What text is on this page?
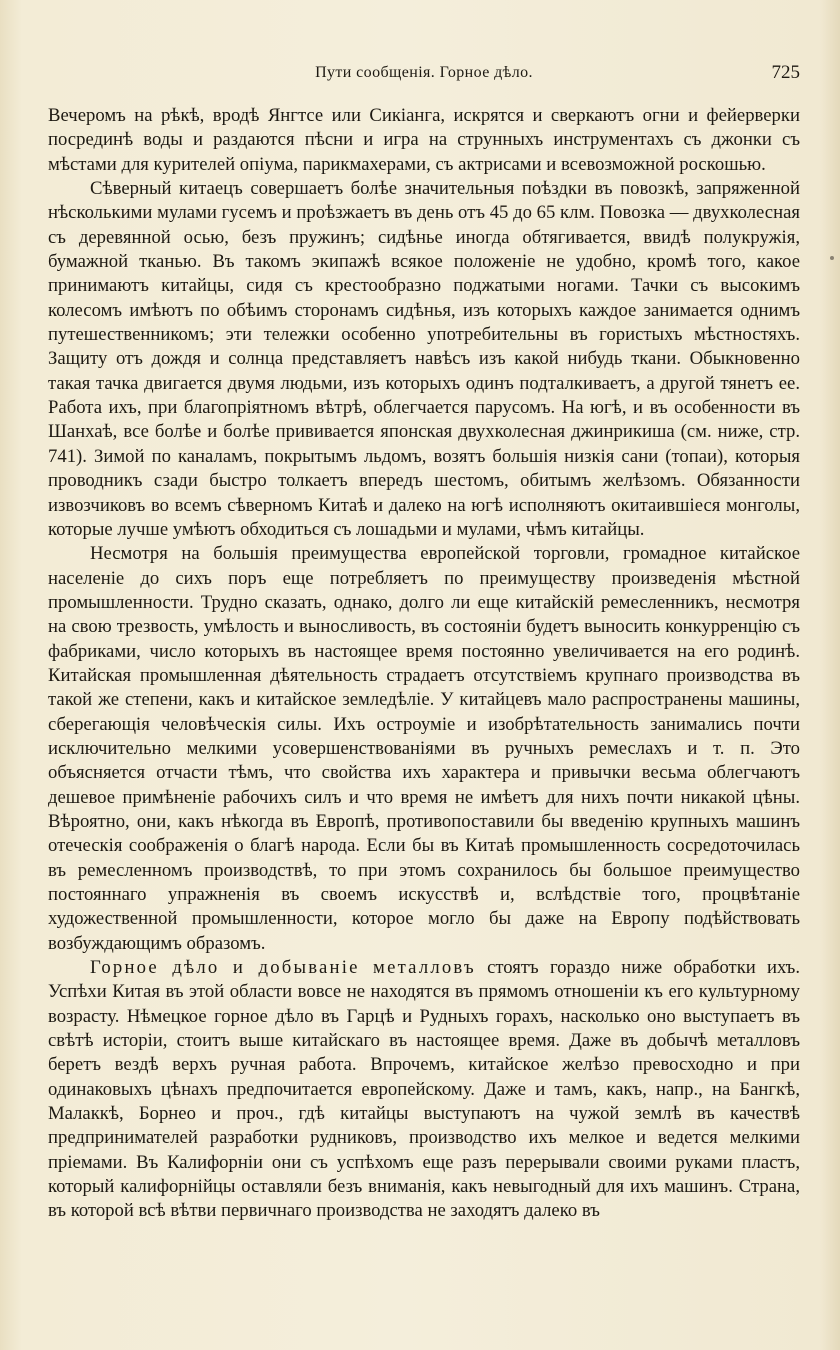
Пути сообщенія. Горное дѣло.	725

Вечеромъ на рѣкѣ, вродѣ Янгтсе или Сикіанга, искрятся и сверкаютъ огни и фейерверки посрединѣ воды и раздаются пѣсни и игра на струнныхъ инструментахъ съ джонки съ мѣстами для курителей опіума, парикмахерами, съ актрисами и всевозможной роскошью.

Сѣверный китаецъ совершаетъ болѣе значительныя поѣздки въ повозкѣ, запряженной нѣсколькими мулами гусемъ и проѣзжаетъ въ день отъ 45 до 65 клм. Повозка — двухколесная съ деревянной осью, безъ пружинъ; сидѣнье иногда обтягивается, ввидѣ полукружія, бумажной тканью. Въ такомъ экипажѣ всякое положеніе не удобно, кромѣ того, какое принимаютъ китайцы, сидя съ крестообразно поджатыми ногами. Тачки съ высокимъ колесомъ имѣютъ по обѣимъ сторонамъ сидѣнья, изъ которыхъ каждое занимается однимъ путешественникомъ; эти тележки особенно употребительны въ гористыхъ мѣстностяхъ. Защиту отъ дождя и солнца представляетъ навѣсъ изъ какой нибудь ткани. Обыкновенно такая тачка двигается двумя людьми, изъ которыхъ одинъ подталкиваетъ, а другой тянетъ ее. Работа ихъ, при благопріятномъ вѣтрѣ, облегчается парусомъ. На югѣ, и въ особенности въ Шанхаѣ, все болѣе и болѣе прививается японская двухколесная джинрикиша (см. ниже, стр. 741). Зимой по каналамъ, покрытымъ льдомъ, возятъ большія низкія сани (топаи), которыя проводникъ сзади быстро толкаетъ впередъ шестомъ, обитымъ желѣзомъ. Обязанности извозчиковъ во всемъ сѣверномъ Китаѣ и далеко на югѣ исполняютъ окитаившіеся монголы, которые лучше умѣютъ обходиться съ лошадьми и мулами, чѣмъ китайцы.

Несмотря на большія преимущества европейской торговли, громадное китайское населеніе до сихъ поръ еще потребляетъ по преимуществу произведенія мѣстной промышленности. Трудно сказать, однако, долго ли еще китайскій ремесленникъ, несмотря на свою трезвость, умѣлость и выносливость, въ состояніи будетъ выносить конкурренцію съ фабриками, число которыхъ въ настоящее время постоянно увеличивается на его родинѣ. Китайская промышленная дѣятельность страдаетъ отсутствіемъ крупнаго производства въ такой же степени, какъ и китайское земледѣліе. У китайцевъ мало распространены машины, сберегающія человѣческія силы. Ихъ остроуміе и изобрѣтательность занимались почти исключительно мелкими усовершенствованіями въ ручныхъ ремеслахъ и т. п. Это объясняется отчасти тѣмъ, что свойства ихъ характера и привычки весьма облегчаютъ дешевое примѣненіе рабочихъ силъ и что время не имѣетъ для нихъ почти никакой цѣны. Вѣроятно, они, какъ нѣкогда въ Европѣ, противопоставили бы введенію крупныхъ машинъ отеческія соображенія о благѣ народа. Если бы въ Китаѣ промышленность сосредоточилась въ ремесленномъ производствѣ, то при этомъ сохранилось бы большое преимущество постояннаго упражненія въ своемъ искусствѣ и, вслѣдствіе того, процвѣтаніе художественной промышленности, которое могло бы даже на Европу подѣйствовать возбуждающимъ образомъ.

Горное дѣло и добываніе металловъ стоятъ гораздо ниже обработки ихъ. Успѣхи Китая въ этой области вовсе не находятся въ прямомъ отношеніи къ его культурному возрасту. Нѣмецкое горное дѣло въ Гарцѣ и Рудныхъ горахъ, насколько оно выступаетъ въ свѣтѣ исторіи, стоитъ выше китайскаго въ настоящее время. Даже въ добычѣ металловъ беретъ вездѣ верхъ ручная работа. Впрочемъ, китайское желѣзо превосходно и при одинаковыхъ цѣнахъ предпочитается европейскому. Даже и тамъ, какъ, напр., на Бангкѣ, Малаккѣ, Борнео и проч., гдѣ китайцы выступаютъ на чужой землѣ въ качествѣ предпринимателей разработки рудниковъ, производство ихъ мелкое и ведется мелкими пріемами. Въ Калифорніи они съ успѣхомъ еще разъ перерывали своими руками пластъ, который калифорнійцы оставляли безъ вниманія, какъ невыгодный для ихъ машинъ. Страна, въ которой всѣ вѣтви первичнаго производства не заходятъ далеко въ
